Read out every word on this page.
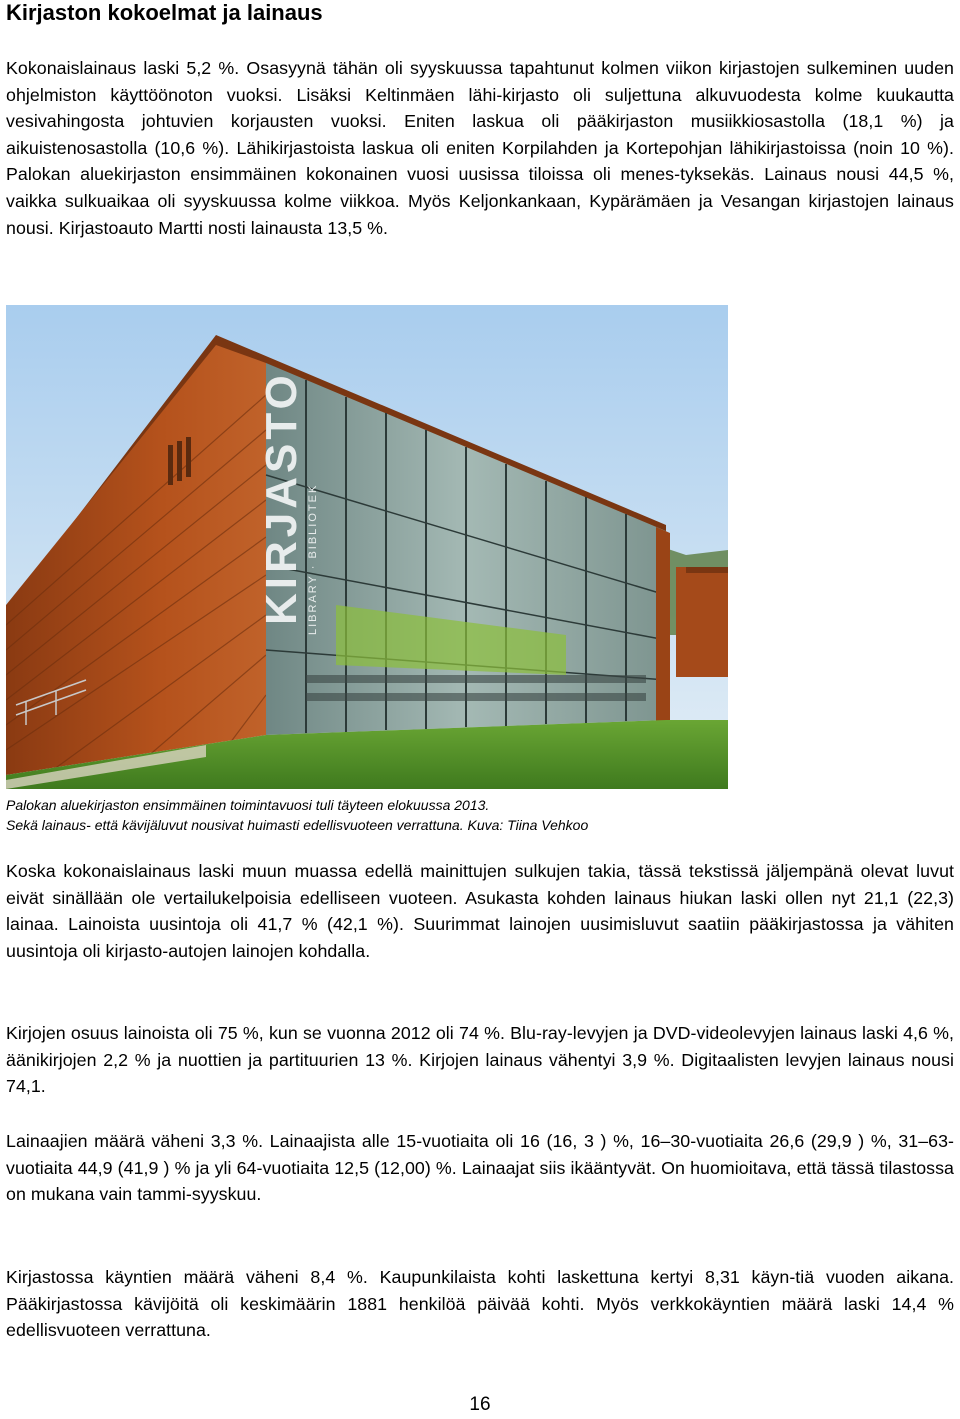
Kirjaston kokoelmat ja lainaus

Kokonaislainaus laski 5,2 %. Osasyynä tähän oli syyskuussa tapahtunut kolmen viikon kirjastojen sulkeminen uuden ohjelmiston käyttöönoton vuoksi. Lisäksi Keltinmäen lähi-kirjasto oli suljettuna alkuvuodesta kolme kuukautta vesivahingosta johtuvien korjausten vuoksi. Eniten laskua oli pääkirjaston musiikkiosastolla (18,1 %) ja aikuistenosastolla (10,6 %). Lähikirjastoista laskua oli eniten Korpilahden ja Kortepohjan lähikirjastoissa (noin 10 %). Palokan aluekirjaston ensimmäinen kokonainen vuosi uusissa tiloissa oli menes-tyksekäs. Lainaus nousi 44,5 %, vaikka sulkuaikaa oli syyskuussa kolme viikkoa. Myös Keljonkankaan, Kypärämäen ja Vesangan kirjastojen lainaus nousi. Kirjastoauto Martti nosti lainausta 13,5 %.

KIRJASTO LIBRARY · BIBLIOTEK

Palokan aluekirjaston ensimmäinen toimintavuosi tuli täyteen elokuussa 2013.
Sekä lainaus- että kävijäluvut nousivat huimasti edellisvuoteen verrattuna. Kuva: Tiina Vehkoo

Koska kokonaislainaus laski muun muassa edellä mainittujen sulkujen takia, tässä tekstissä jäljempänä olevat luvut eivät sinällään ole vertailukelpoisia edelliseen vuoteen. Asukasta kohden lainaus hiukan laski ollen nyt 21,1 (22,3) lainaa. Lainoista uusintoja oli 41,7 % (42,1 %). Suurimmat lainojen uusimisluvut saatiin pääkirjastossa ja vähiten uusintoja oli kirjasto-autojen lainojen kohdalla.

Kirjojen osuus lainoista oli 75 %, kun se vuonna 2012 oli 74 %. Blu-ray-levyjen ja DVD-videolevyjen lainaus laski 4,6 %, äänikirjojen 2,2 % ja nuottien ja partituurien 13 %. Kirjojen lainaus vähentyi 3,9 %. Digitaalisten levyjen lainaus nousi 74,1.

Lainaajien määrä väheni 3,3 %. Lainaajista alle 15-vuotiaita oli 16 (16, 3 ) %, 16–30-vuotiaita 26,6 (29,9 ) %, 31–63-vuotiaita 44,9 (41,9 ) % ja yli 64-vuotiaita 12,5 (12,00) %. Lainaajat siis ikääntyvät. On huomioitava, että tässä tilastossa on mukana vain tammi-syyskuu.

Kirjastossa käyntien määrä väheni 8,4 %. Kaupunkilaista kohti laskettuna kertyi 8,31 käyn-tiä vuoden aikana. Pääkirjastossa kävijöitä oli keskimäärin 1881 henkilöä päivää kohti. Myös verkkokäyntien määrä laski 14,4 % edellisvuoteen verrattuna.

16
